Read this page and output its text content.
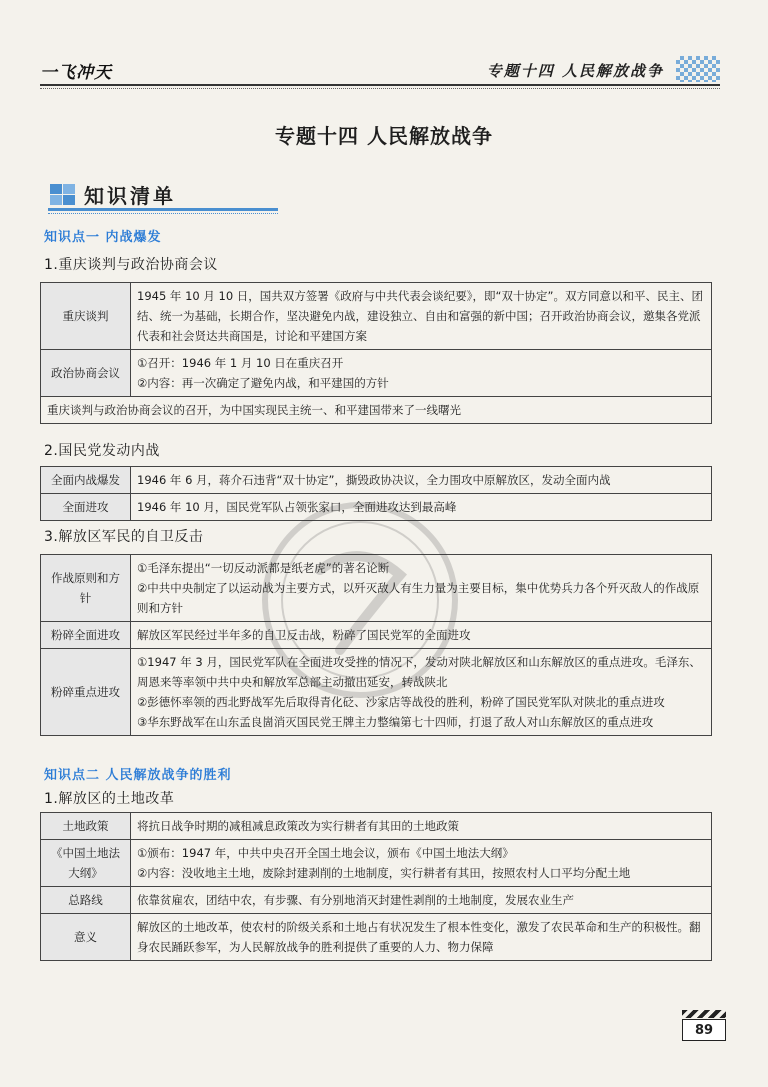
一飞冲天	专题十四 人民解放战争
专题十四 人民解放战争
知识清单
知识点一 内战爆发
1.重庆谈判与政治协商会议
重庆谈判	1945 年 10 月 10 日，国共双方签署《政府与中共代表会谈纪要》，即“双十协定”。双方同意以和平、民主、团结、统一为基础，长期合作，坚决避免内战，建设独立、自由和富强的新中国；召开政治协商会议，邀集各党派代表和社会贤达共商国是，讨论和平建国方案
政治协商会议	①召开：1946 年 1 月 10 日在重庆召开
②内容：再一次确定了避免内战，和平建国的方针

重庆谈判与政治协商会议的召开，为中国实现民主统一、和平建国带来了一线曙光	
2.国民党发动内战
全面内战爆发	1946 年 6 月，蒋介石违背“双十协定”，撕毁政协决议，全力围攻中原解放区，发动全面内战
全面进攻	1946 年 10 月，国民党军队占领张家口，全面进攻达到最高峰
3.解放区军民的自卫反击
作战原则和方针	①毛泽东提出“一切反动派都是纸老虎”的著名论断
②中共中央制定了以运动战为主要方式，以歼灭敌人有生力量为主要目标，集中优势兵力各个歼灭敌人的作战原则和方针

粉碎全面进攻	解放区军民经过半年多的自卫反击战，粉碎了国民党军的全面进攻
粉碎重点进攻	①1947 年 3 月，国民党军队在全面进攻受挫的情况下，发动对陕北解放区和山东解放区的重点进攻。毛泽东、周恩来等率领中共中央和解放军总部主动撤出延安，转战陕北
②彭德怀率领的西北野战军先后取得青化砭、沙家店等战役的胜利，粉碎了国民党军队对陕北的重点进攻
③华东野战军在山东孟良崮消灭国民党王牌主力整编第七十四师，打退了敌人对山东解放区的重点进攻
知识点二 人民解放战争的胜利
1.解放区的土地改革
土地政策	将抗日战争时期的减租减息政策改为实行耕者有其田的土地政策
《中国土地法大纲》	①颁布：1947 年，中共中央召开全国土地会议，颁布《中国土地法大纲》
②内容：没收地主土地，废除封建剥削的土地制度，实行耕者有其田，按照农村人口平均分配土地

总路线	依靠贫雇农，团结中农，有步骤、有分别地消灭封建性剥削的土地制度，发展农业生产
意义	解放区的土地改革，使农村的阶级关系和土地占有状况发生了根本性变化，激发了农民革命和生产的积极性。翻身农民踊跃参军，为人民解放战争的胜利提供了重要的人力、物力保障
89
